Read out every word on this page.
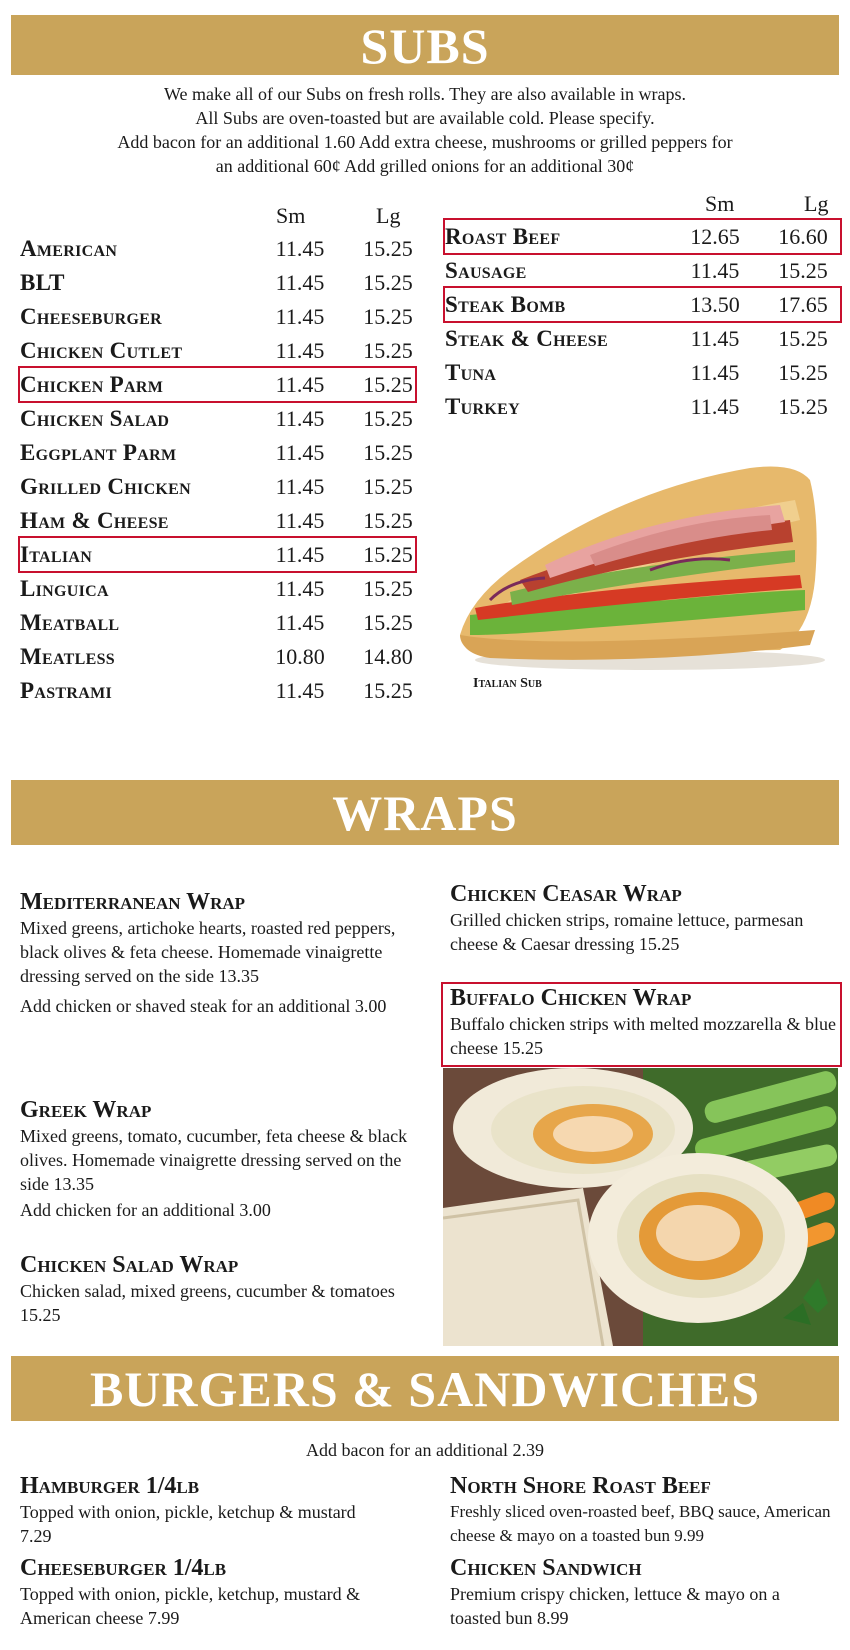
SUBS
We make all of our Subs on fresh rolls. They are also available in wraps.
All Subs are oven-toasted but are available cold. Please specify.
Add bacon for an additional 1.60 Add extra cheese, mushrooms or grilled peppers for
an additional 60¢ Add grilled onions for an additional 30¢
Sm	Lg	Sm	Lg
American	11.45	15.25
BLT	11.45	15.25
Cheeseburger	11.45	15.25
Chicken Cutlet	11.45	15.25
Chicken Parm	11.45	15.25
Chicken Salad	11.45	15.25
Eggplant Parm	11.45	15.25
Grilled Chicken	11.45	15.25
Ham & Cheese	11.45	15.25
Italian	11.45	15.25
Linguica	11.45	15.25
Meatball	11.45	15.25
Meatless	10.80	14.80
Pastrami	11.45	15.25
Roast Beef	12.65	16.60
Sausage	11.45	15.25
Steak Bomb	13.50	17.65
Steak & Cheese	11.45	15.25
Tuna	11.45	15.25
Turkey	11.45	15.25
Italian Sub
WRAPS
Mediterranean Wrap
Mixed greens, artichoke hearts, roasted red peppers, black olives & feta cheese. Homemade vinaigrette dressing served on the side 13.35
Add chicken or shaved steak for an additional 3.00
Greek Wrap
Mixed greens, tomato, cucumber, feta cheese & black olives. Homemade vinaigrette dressing served on the side 13.35
Add chicken for an additional 3.00
Chicken Salad Wrap
Chicken salad, mixed greens, cucumber & tomatoes 15.25
Chicken Ceasar Wrap
Grilled chicken strips, romaine lettuce, parmesan cheese & Caesar dressing 15.25
Buffalo Chicken Wrap
Buffalo chicken strips with melted mozzarella & blue cheese 15.25
BURGERS & SANDWICHES
Add bacon for an additional 2.39
Hamburger 1/4lb
Topped with onion, pickle, ketchup & mustard 7.29
Cheeseburger 1/4lb
Topped with onion, pickle, ketchup, mustard & American cheese 7.99
North Shore Roast Beef
Freshly sliced oven-roasted beef, BBQ sauce, American cheese & mayo on a toasted bun 9.99
Chicken Sandwich
Premium crispy chicken, lettuce & mayo on a toasted bun 8.99
